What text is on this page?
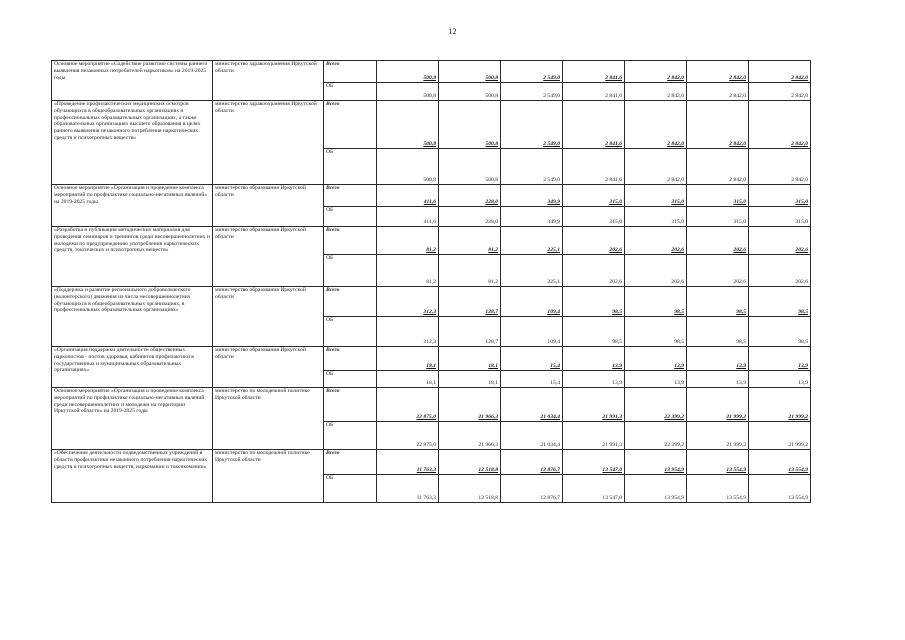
12
Основное мероприятие «Содействие развитию системы раннего выявления незаконных потребителей наркотиков» на 2019-2025 годы	министерство здравоохранения Иркутской области	Всего	500,8	500,8	2 549,0	2 841,6	2 842,0	2 842,0	2 842,0
		ОБ	500,8	500,8	2 549,0	2 841,6	2 842,0	2 842,0	2 842,0
«Проведение профилактических медицинских осмотров обучающихся в общеобразовательных организациях и профессиональных образовательных организациях, а также образовательных организациях высшего образования в целях раннего выявления незаконного потребления наркотических средств и психотропных веществ»	министерство здравоохранения Иркутской области	Всего	500,8	500,8	2 549,0	2 841,6	2 842,0	2 842,0	2 842,0
		ОБ	500,8	500,8	2 549,0	2 841,6	2 842,0	2 842,0	2 842,0
Основное мероприятие «Организация и проведение комплекса мероприятий по профилактике социально-негативных явлений» на 2019-2025 годы	министерство образования Иркутской области	Всего	411,6	228,0	349,9	315,0	315,0	315,0	315,0
		ОБ	411,6	228,0	349,9	315,0	315,0	315,0	315,0
«Разработка и публикация методических материалов для проведения семинаров и тренингов среди несовершеннолетних и молодежи по предупреждению употребления наркотических средств, токсических и психотропных веществ»	министерство образования Иркутской области	Всего	81,2	81,2	225,1	202,6	202,6	202,6	202,6
		ОБ	81,2	81,2	225,1	202,6	202,6	202,6	202,6
«Поддержка и развитие регионального добровольческого (волонтерского) движения из числа несовершеннолетних обучающихся в общеобразовательных организациях, в профессиональных образовательных организациях»	министерство образования Иркутской области	Всего	312,3	128,7	109,4	98,5	98,5	98,5	98,5
		ОБ	312,3	128,7	109,4	98,5	98,5	98,5	98,5
«Организация поддержки деятельности общественных наркопостов - постов здоровья, кабинетов профилактики в государственных и муниципальных образовательных организациях»	министерство образования Иркутской области	Всего	18,1	18,1	15,4	13,9	13,9	13,9	13,9
		ОБ	18,1	18,1	15,4	13,9	13,9	13,9	13,9
Основное мероприятие «Организация и проведение комплекса мероприятий по профилактике социально-негативных явлений среди несовершеннолетних и молодежи на территории Иркутской области» на 2019-2025 годы	министерство по молодежной политике Иркутской области	Всего	22 875,0	21 966,3	21 034,4	21 991,3	22 399,2	21 999,2	21 999,2
		ОБ	22 875,0	21 966,3	21 034,4	21 991,3	22 399,2	21 999,2	21 999,2
«Обеспечение деятельности подведомственных учреждений в области профилактики незаконного потребления наркотических средств и психотропных веществ, наркомании и токсикомании»	министерство по молодежной политике Иркутской области	Всего	11 763,3	12 518,8	12 876,7	13 547,0	13 954,9	13 554,9	13 554,9
		ОБ	11 763,3	12 518,8	12 876,7	13 547,0	13 954,9	13 554,9	13 554,9
